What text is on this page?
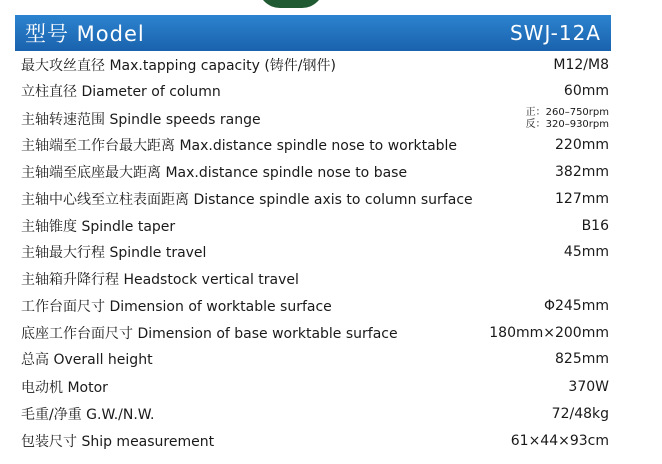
型号 Model	SWJ-12A
最大攻丝直径 Max.tapping capacity (铸件/钢件)	M12/M8
立柱直径 Diameter of column	60mm
主轴转速范围 Spindle speeds range	正：260–750rpm
反：320–930rpm
主轴端至工作台最大距离 Max.distance spindle nose to worktable	220mm
主轴端至底座最大距离 Max.distance spindle nose to base	382mm
主轴中心线至立柱表面距离 Distance spindle axis to column surface	127mm
主轴锥度 Spindle taper	B16
主轴最大行程 Spindle travel	45mm
主轴箱升降行程 Headstock vertical travel
工作台面尺寸 Dimension of worktable surface	Φ245mm
底座工作台面尺寸 Dimension of base worktable surface	180mm×200mm
总高 Overall height	825mm
电动机 Motor	370W
毛重/净重 G.W./N.W.	72/48kg
包装尺寸 Ship measurement	61×44×93cm
